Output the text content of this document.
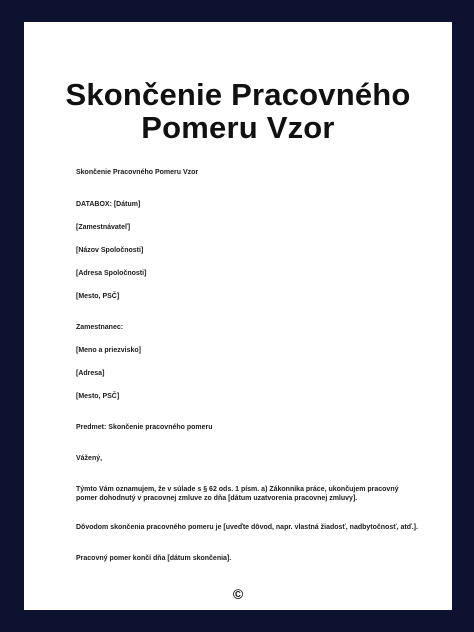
Skončenie Pracovného
Pomeru Vzor
Skončenie Pracovného Pomeru Vzor
DATABOX: [Dátum]
[Zamestnávateľ]
[Názov Spoločnosti]
[Adresa Spoločnosti]
[Mesto, PSČ]
Zamestnanec:
[Meno a priezvisko]
[Adresa]
[Mesto, PSČ]
Predmet: Skončenie pracovného pomeru
Vážený,
Týmto Vám oznamujem, že v súlade s § 62 ods. 1 písm. a) Zákonníka práce, ukončujem pracovný pomer dohodnutý v pracovnej zmluve zo dňa [dátum uzatvorenia pracovnej zmluvy].
Dôvodom skončenia pracovného pomeru je [uveďte dôvod, napr. vlastná žiadosť, nadbytočnosť, atď.].
Pracovný pomer končí dňa [dátum skončenia].
©
